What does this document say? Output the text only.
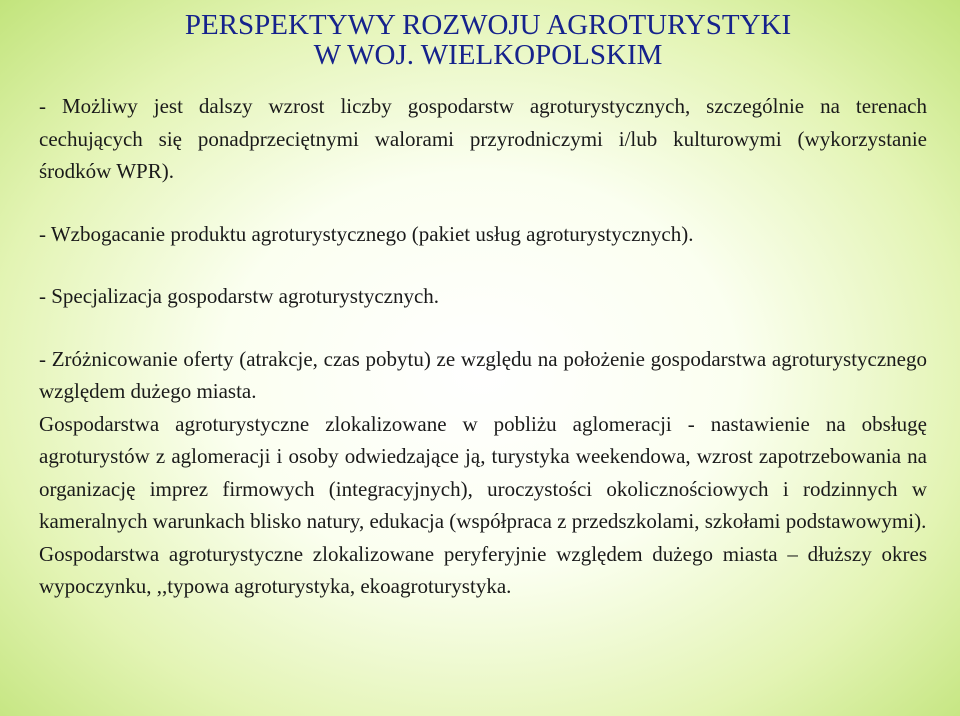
PERSPEKTYWY ROZWOJU AGROTURYSTYKI
W WOJ. WIELKOPOLSKIM

- Możliwy jest dalszy wzrost liczby gospodarstw agroturystycznych, szczególnie na terenach cechujących się ponadprzeciętnymi walorami przyrodniczymi i/lub kulturowymi (wykorzystanie środków WPR).

- Wzbogacanie produktu agroturystycznego (pakiet usług agroturystycznych).

- Specjalizacja gospodarstw agroturystycznych.

- Zróżnicowanie oferty (atrakcje, czas pobytu) ze względu na położenie gospodarstwa agroturystycznego względem dużego miasta.

Gospodarstwa agroturystyczne zlokalizowane w pobliżu aglomeracji - nastawienie na obsługę agroturystów z aglomeracji i osoby odwiedzające ją, turystyka weekendowa, wzrost zapotrzebowania na organizację imprez firmowych (integracyjnych), uroczystości okolicznościowych i rodzinnych w kameralnych warunkach blisko natury, edukacja (współpraca z przedszkolami, szkołami podstawowymi).

Gospodarstwa agroturystyczne zlokalizowane peryferyjnie względem dużego miasta – dłuższy okres wypoczynku, ,,typowa agroturystyka, ekoagroturystyka.
